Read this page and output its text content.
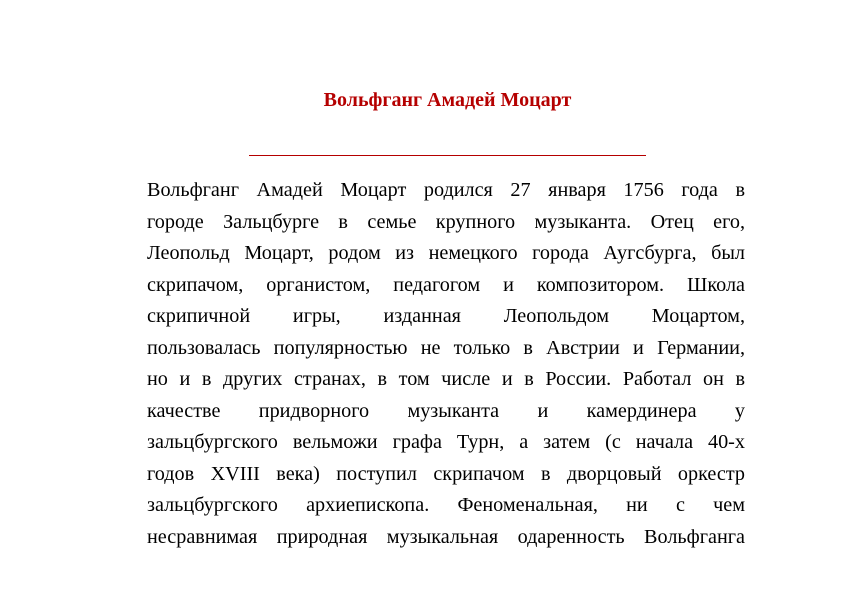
Вольфганг Амадей Моцарт
Вольфганг Амадей Моцарт родился 27 января 1756 года в
городе Зальцбурге в семье крупного музыканта. Отец его,
Леопольд Моцарт, родом из немецкого города Аугсбурга, был
скрипачом, органистом, педагогом и композитором. Школа
скрипичной игры, изданная Леопольдом Моцартом,
пользовалась популярностью не только в Австрии и Германии,
но и в других странах, в том числе и в России. Работал он в
качестве придворного музыканта и камердинера у
зальцбургского вельможи графа Турн, а затем (с начала 40-х
годов XVIII века) поступил скрипачом в дворцовый оркестр
зальцбургского архиепископа. Феноменальная, ни с чем
несравнимая природная музыкальная одаренность Вольфганга
